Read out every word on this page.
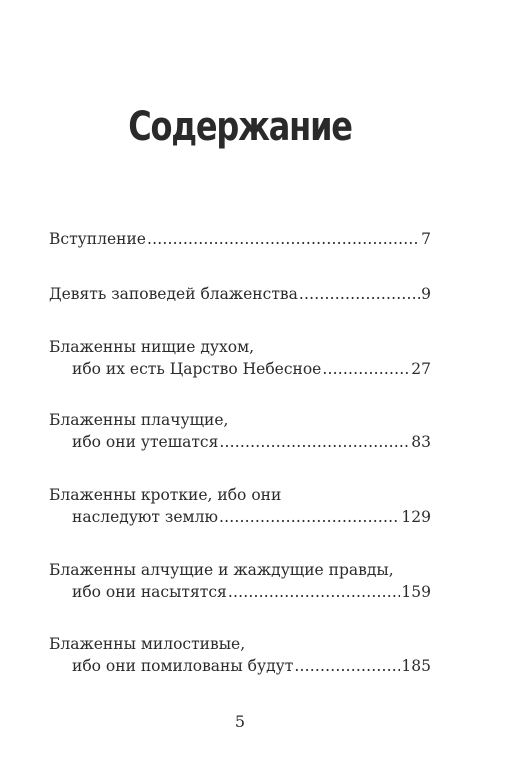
Содержание
Вступление .....	7
Девять заповедей блаженства .....	9
Блаженны нищие духом,
ибо их есть Царство Небесное .....	27
Блаженны плачущие,
ибо они утешатся .....	83
Блаженны кроткие, ибо они
наследуют землю .....	129
Блаженны алчущие и жаждущие правды,
ибо они насытятся .....	159
Блаженны милостивые,
ибо они помилованы будут .....	185
5
